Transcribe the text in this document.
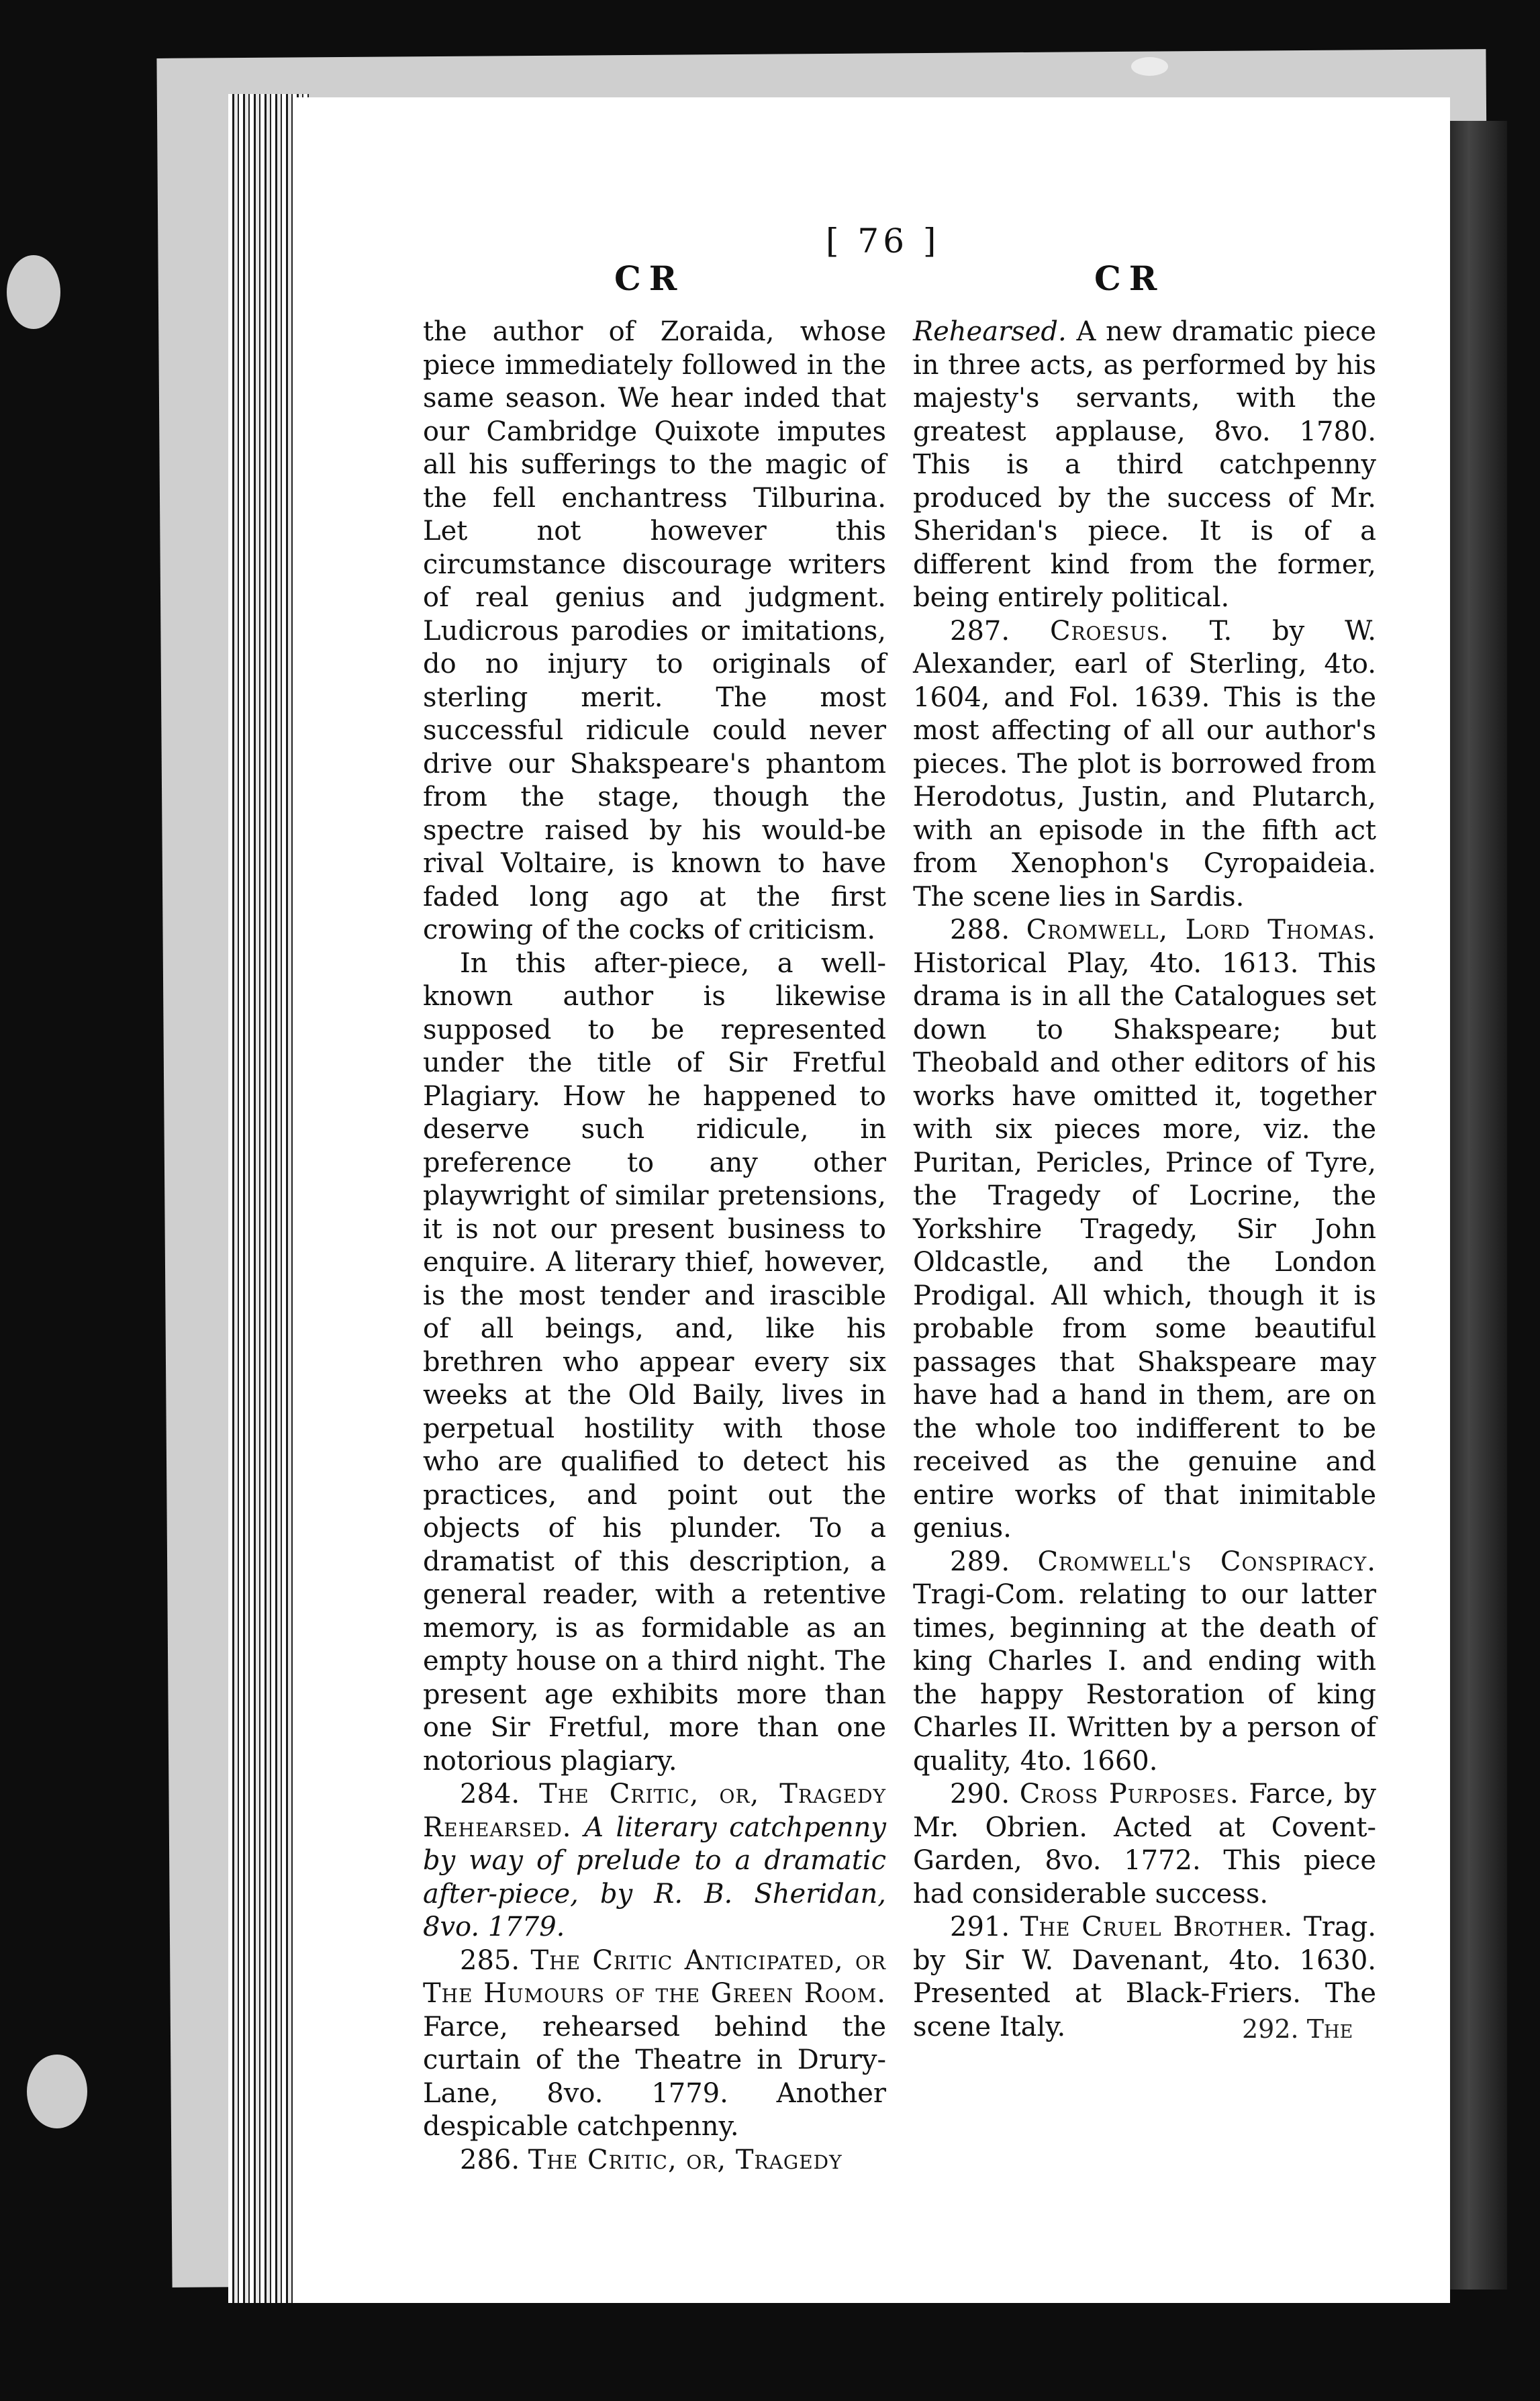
CR
[ 76 ]
CR

the author of Zoraida, whose piece immediately followed in the same season. We hear inded that our Cambridge Quixote imputes all his sufferings to the magic of the fell enchantress Tilburina. Let not however this circumstance discourage writers of real genius and judgment. Ludicrous parodies or imitations, do no injury to originals of sterling merit. The most successful ridicule could never drive our Shakspeare's phantom from the stage, though the spectre raised by his would-be rival Voltaire, is known to have faded long ago at the first crowing of the cocks of criticism.

In this after-piece, a well-known author is likewise supposed to be represented under the title of Sir Fretful Plagiary. How he happened to deserve such ridicule, in preference to any other playwright of similar pretensions, it is not our present business to enquire. A literary thief, however, is the most tender and irascible of all beings, and, like his brethren who appear every six weeks at the Old Baily, lives in perpetual hostility with those who are qualified to detect his practices, and point out the objects of his plunder. To a dramatist of this description, a general reader, with a retentive memory, is as formidable as an empty house on a third night. The present age exhibits more than one Sir Fretful, more than one notorious plagiary.

284. The Critic, or, Tragedy Rehearsed. A literary catchpenny by way of prelude to a dramatic after-piece, by R. B. Sheridan, 8vo. 1779.

285. The Critic Anticipated, or The Humours of the Green Room. Farce, rehearsed behind the curtain of the Theatre in Drury-Lane, 8vo. 1779. Another despicable catchpenny.

286. The Critic, or, Tragedy

Rehearsed. A new dramatic piece in three acts, as performed by his majesty's servants, with the greatest applause, 8vo. 1780. This is a third catchpenny produced by the success of Mr. Sheridan's piece. It is of a different kind from the former, being entirely political.

287. Croesus. T. by W. Alexander, earl of Sterling, 4to. 1604, and Fol. 1639. This is the most affecting of all our author's pieces. The plot is borrowed from Herodotus, Justin, and Plutarch, with an episode in the fifth act from Xenophon's Cyropaideia. The scene lies in Sardis.

288. Cromwell, Lord Thomas. Historical Play, 4to. 1613. This drama is in all the Catalogues set down to Shakspeare; but Theobald and other editors of his works have omitted it, together with six pieces more, viz. the Puritan, Pericles, Prince of Tyre, the Tragedy of Locrine, the Yorkshire Tragedy, Sir John Oldcastle, and the London Prodigal. All which, though it is probable from some beautiful passages that Shakspeare may have had a hand in them, are on the whole too indifferent to be received as the genuine and entire works of that inimitable genius.

289. Cromwell's Conspiracy. Tragi-Com. relating to our latter times, beginning at the death of king Charles I. and ending with the happy Restoration of king Charles II. Written by a person of quality, 4to. 1660.

290. Cross Purposes. Farce, by Mr. Obrien. Acted at Covent-Garden, 8vo. 1772. This piece had considerable success.

291. The Cruel Brother. Trag. by Sir W. Davenant, 4to. 1630. Presented at Black-Friers. The scene Italy.	292. The
